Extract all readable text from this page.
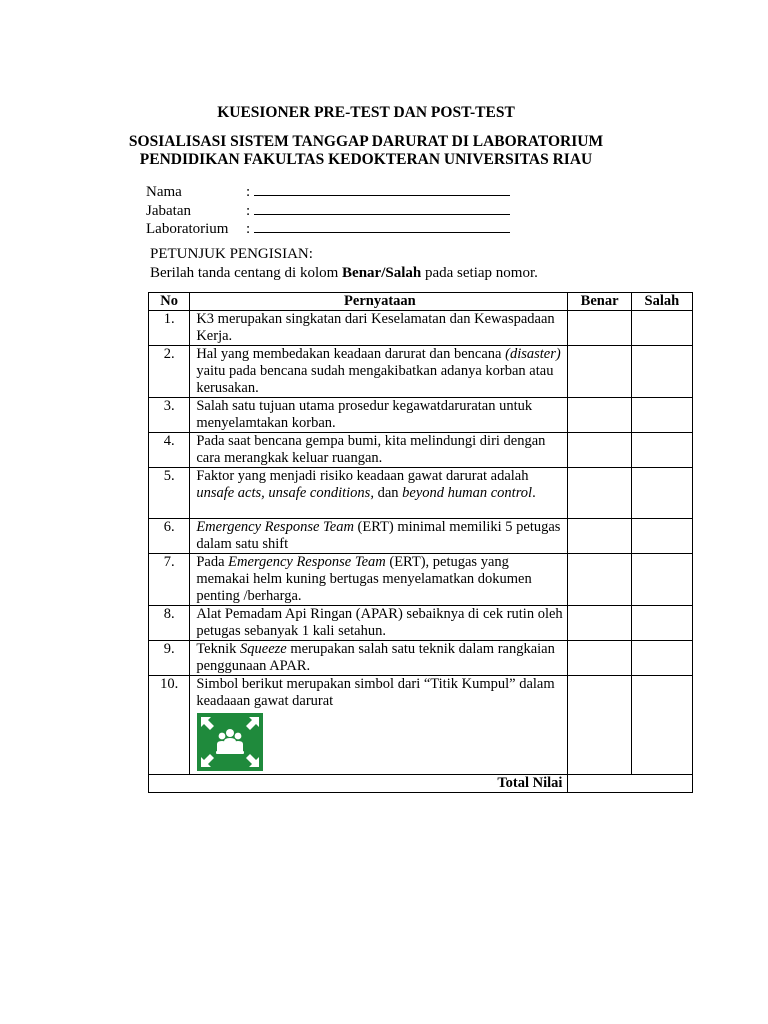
KUESIONER PRE-TEST DAN POST-TEST
SOSIALISASI SISTEM TANGGAP DARURAT DI LABORATORIUM
PENDIDIKAN FAKULTAS KEDOKTERAN UNIVERSITAS RIAU
Nama	:
Jabatan	:
Laboratorium :
PETUNJUK PENGISIAN:
Berilah tanda centang di kolom Benar/Salah pada setiap nomor.
No	Pernyataan	Benar	Salah
1.	K3 merupakan singkatan dari Keselamatan dan Kewaspadaan Kerja.		
2.	Hal yang membedakan keadaan darurat dan bencana (disaster) yaitu pada bencana sudah mengakibatkan adanya korban atau kerusakan.		
3.	Salah satu tujuan utama prosedur kegawatdaruratan untuk menyelamtakan korban.		
4.	Pada saat bencana gempa bumi, kita melindungi diri dengan cara merangkak keluar ruangan.		
5.	Faktor yang menjadi risiko keadaan gawat darurat adalah unsafe acts, unsafe conditions, dan beyond human control.		
6.	Emergency Response Team (ERT) minimal memiliki 5 petugas dalam satu shift		
7.	Pada Emergency Response Team (ERT), petugas yang memakai helm kuning bertugas menyelamatkan dokumen penting /berharga.		
8.	Alat Pemadam Api Ringan (APAR) sebaiknya di cek rutin oleh petugas sebanyak 1 kali setahun.		
9.	Teknik Squeeze merupakan salah satu teknik dalam rangkaian penggunaan APAR.		
10.	Simbol berikut merupakan simbol dari “Titik Kumpul” dalam keadaaan gawat darurat

Total Nilai			
